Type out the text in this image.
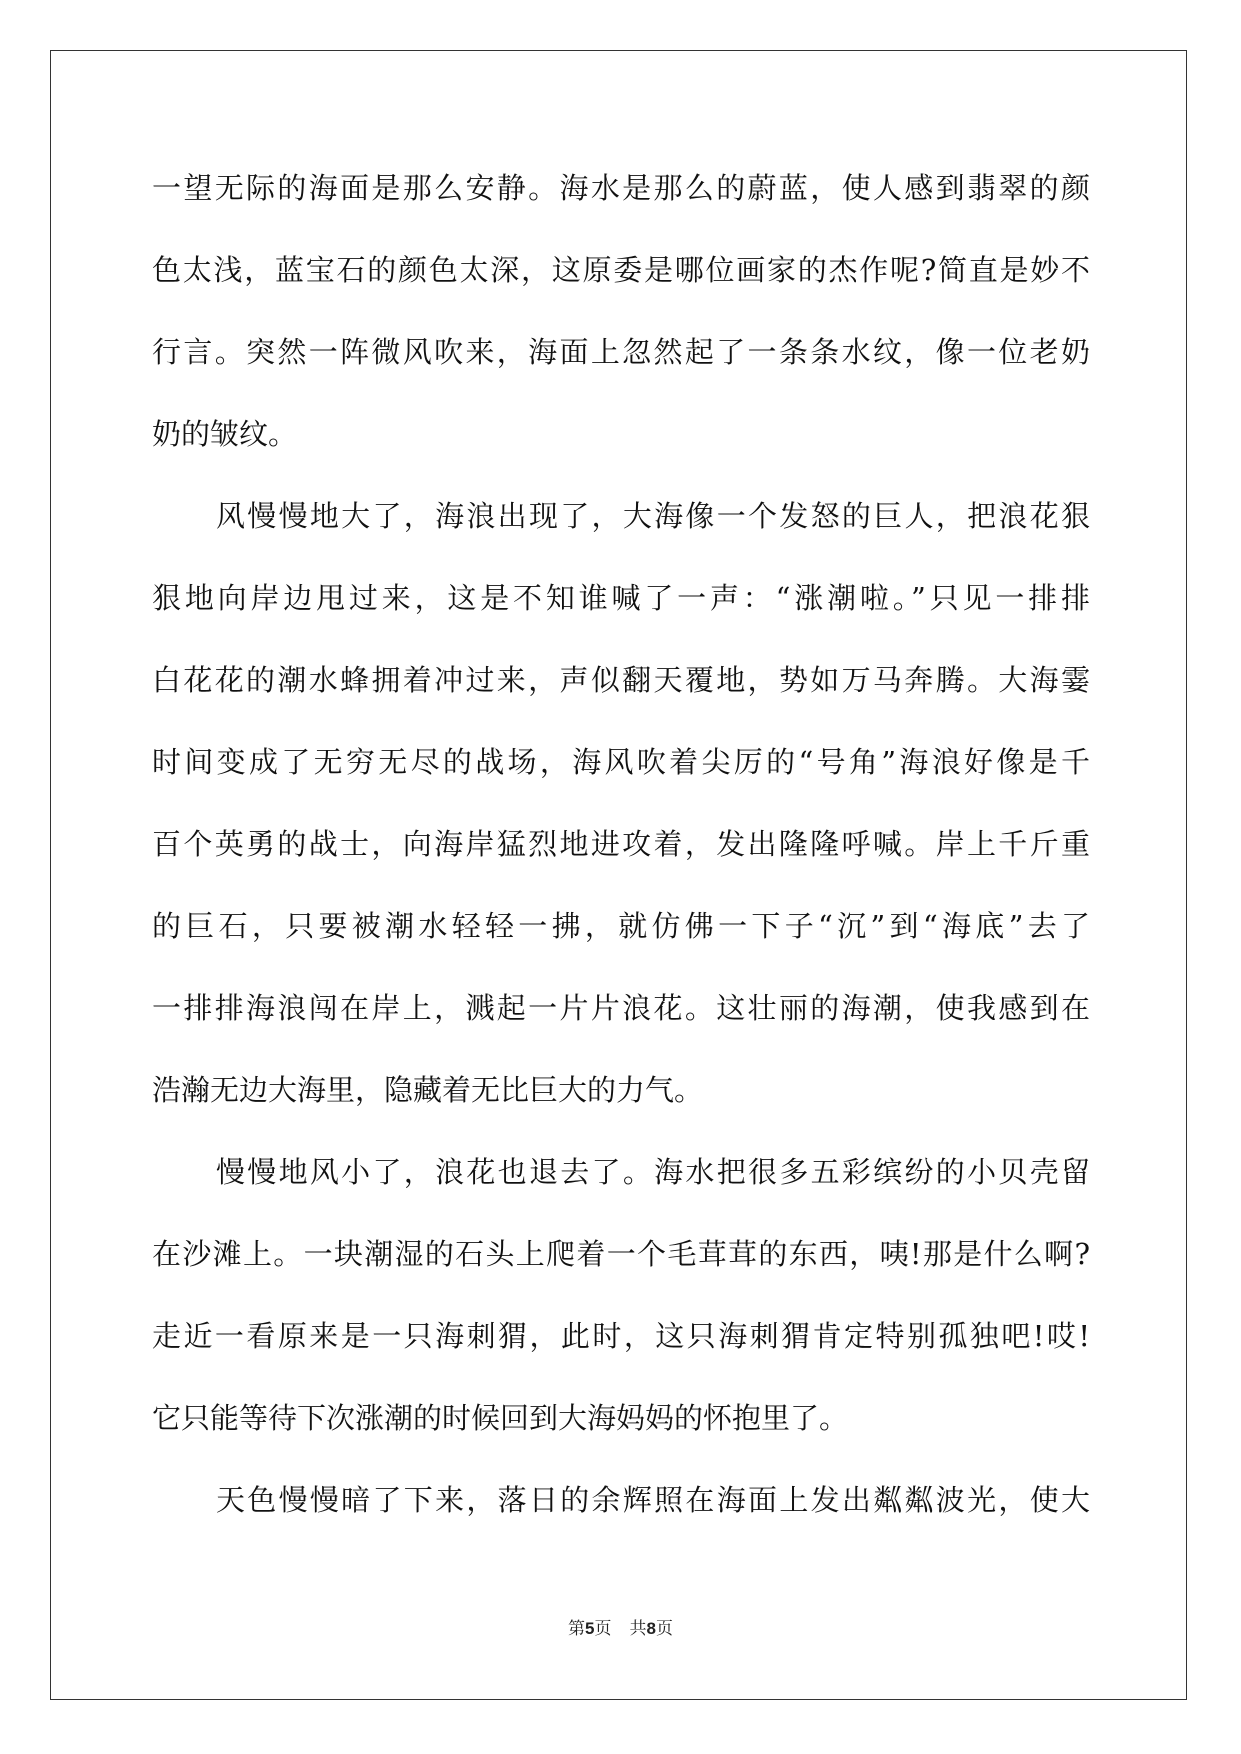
一望无际的海面是那么安静。海水是那么的蔚蓝，使人感到翡翠的颜
色太浅，蓝宝石的颜色太深，这原委是哪位画家的杰作呢?简直是妙不
行言。突然一阵微风吹来，海面上忽然起了一条条水纹，像一位老奶
奶的皱纹。
风慢慢地大了，海浪出现了，大海像一个发怒的巨人，把浪花狠
狠地向岸边甩过来，这是不知谁喊了一声：“涨潮啦。”只见一排排
白花花的潮水蜂拥着冲过来，声似翻天覆地，势如万马奔腾。大海霎
时间变成了无穷无尽的战场，海风吹着尖厉的“号角”海浪好像是千
百个英勇的战士，向海岸猛烈地进攻着，发出隆隆呼喊。岸上千斤重
的巨石，只要被潮水轻轻一拂，就仿佛一下子“沉”到“海底”去了
一排排海浪闯在岸上，溅起一片片浪花。这壮丽的海潮，使我感到在
浩瀚无边大海里，隐藏着无比巨大的力气。
慢慢地风小了，浪花也退去了。海水把很多五彩缤纷的小贝壳留
在沙滩上。一块潮湿的石头上爬着一个毛茸茸的东西，咦!那是什么啊?
走近一看原来是一只海刺猬，此时，这只海刺猬肯定特别孤独吧!哎!
它只能等待下次涨潮的时候回到大海妈妈的怀抱里了。
天色慢慢暗了下来，落日的余辉照在海面上发出粼粼波光，使大
第5页 共8页
